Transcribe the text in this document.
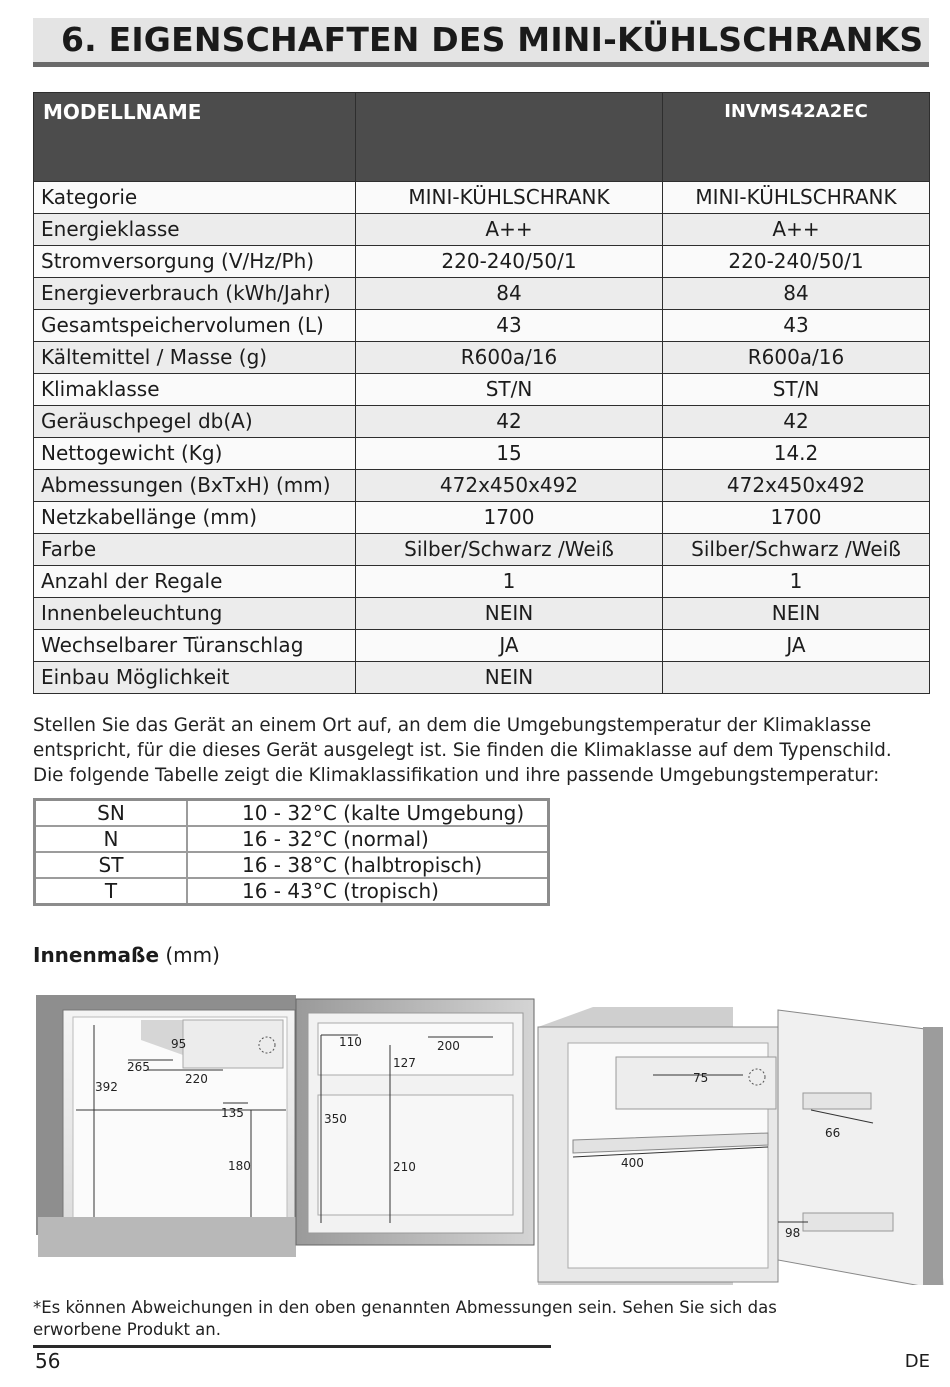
6. EIGENSCHAFTEN DES MINI-KÜHLSCHRANKS
MODELLNAME		INVMS42A2EC
Kategorie	MINI-KÜHLSCHRANK	MINI-KÜHLSCHRANK
Energieklasse	A++	A++
Stromversorgung (V/Hz/Ph)	220-240/50/1	220-240/50/1
Energieverbrauch (kWh/Jahr)	84	84
Gesamtspeichervolumen (L)	43	43
Kältemittel / Masse (g)	R600a/16	R600a/16
Klimaklasse	ST/N	ST/N
Geräuschpegel db(A)	42	42
Nettogewicht (Kg)	15	14.2
Abmessungen (BxTxH) (mm)	472x450x492	472x450x492
Netzkabellänge (mm)	1700	1700
Farbe	Silber/Schwarz /Weiß	Silber/Schwarz /Weiß
Anzahl der Regale	1	1
Innenbeleuchtung	NEIN	NEIN
Wechselbarer Türanschlag	JA	JA
Einbau Möglichkeit	NEIN	

Stellen Sie das Gerät an einem Ort auf, an dem die Umgebungstemperatur der Klimaklasse

entspricht, für die dieses Gerät ausgelegt ist. Sie finden die Klimaklasse auf dem Typenschild.

Die folgende Tabelle zeigt die Klimaklassifikation und ihre passende Umgebungstemperatur:

SN	10 - 32°C (kalte Umgebung)
N	16 - 32°C (normal)
ST	16 - 38°C (halbtropisch)
T	16 - 43°C (tropisch)
Innenmaße (mm)
95
265
220
392
135
180
110	200
127
350
210
75
66
400
98

*Es können Abweichungen in den oben genannten Abmessungen sein. Sehen Sie sich das

erworbene Produkt an.

56	DE
